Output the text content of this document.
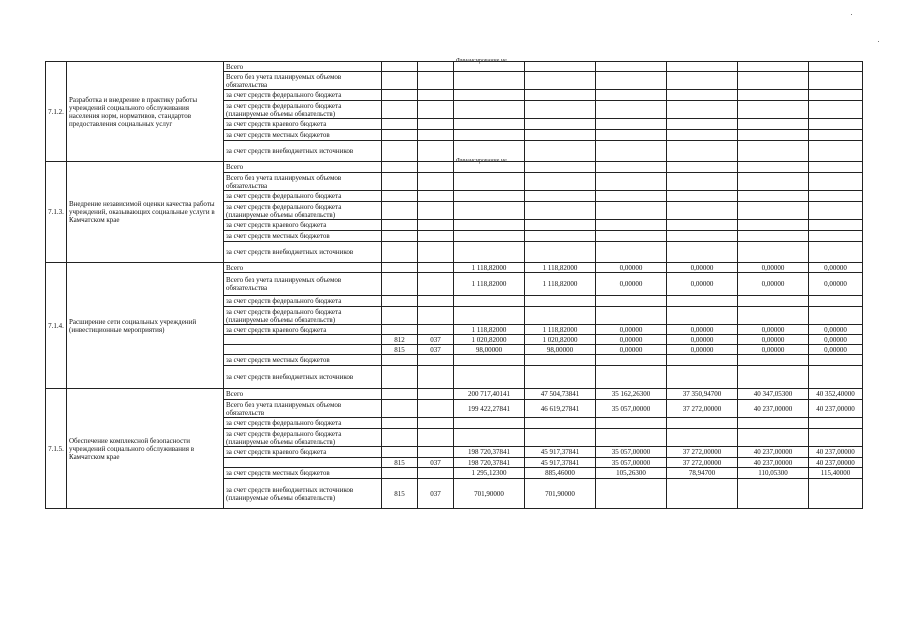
7.1.2.	Разработка и внедрение в практику работы учреждений социального обслуживания населения норм, нормативов, стандартов предоставления социальных услуг	Всего								
		Всего без учета планируемых объемов обязательства								
		за счет средств федерального бюджета								
		за счет средств федерального бюджета (планируемые объемы обязательств)								
		за счет средств краевого бюджета								
		за счет средств местных бюджетов								
		за счет средств внебюджетных источников								
7.1.3.	Внедрение независимой оценки качества работы учреждений, оказывающих социальные услуги в Камчатском крае	Всего								
		Всего без учета планируемых объемов обязательства								
		за счет средств федерального бюджета								
		за счет средств федерального бюджета (планируемые объемы обязательств)								
		за счет средств краевого бюджета								
		за счет средств местных бюджетов								
		за счет средств внебюджетных источников								
7.1.4.	Расширение сети социальных учреждений (инвестиционные мероприятия)	Всего			1 118,82000	1 118,82000	0,00000	0,00000	0,00000	0,00000
		Всего без учета планируемых объемов обязательства			1 118,82000	1 118,82000	0,00000	0,00000	0,00000	0,00000
		за счет средств федерального бюджета								
		за счет средств федерального бюджета (планируемые объемы обязательств)								
		за счет средств краевого бюджета			1 118,82000	1 118,82000	0,00000	0,00000	0,00000	0,00000
			812	037	1 020,82000	1 020,82000	0,00000	0,00000	0,00000	0,00000
			815	037	98,00000	98,00000	0,00000	0,00000	0,00000	0,00000
		за счет средств местных бюджетов								
		за счет средств внебюджетных источников								
7.1.5.	Обеспечение комплексной безопасности учреждений социального обслуживания в Камчатском крае	Всего			200 717,40141	47 504,73841	35 162,26300	37 350,94700	40 347,05300	40 352,40000
		Всего без учета планируемых объемов обязательств			199 422,27841	46 619,27841	35 057,00000	37 272,00000	40 237,00000	40 237,00000
		за счет средств федерального бюджета								
		за счет средств федерального бюджета (планируемые объемы обязательств)								
		за счет средств краевого бюджета			198 720,37841	45 917,37841	35 057,00000	37 272,00000	40 237,00000	40 237,00000
			815	037	198 720,37841	45 917,37841	35 057,00000	37 272,00000	40 237,00000	40 237,00000
		за счет средств местных бюджетов			1 295,12300	885,46000	105,26300	78,94700	110,05300	115,40000
		за счет средств внебюджетных источников (планируемые объемы обязательств)	815	037	701,90000	701,90000				
Финансирование не
Финансирование не
